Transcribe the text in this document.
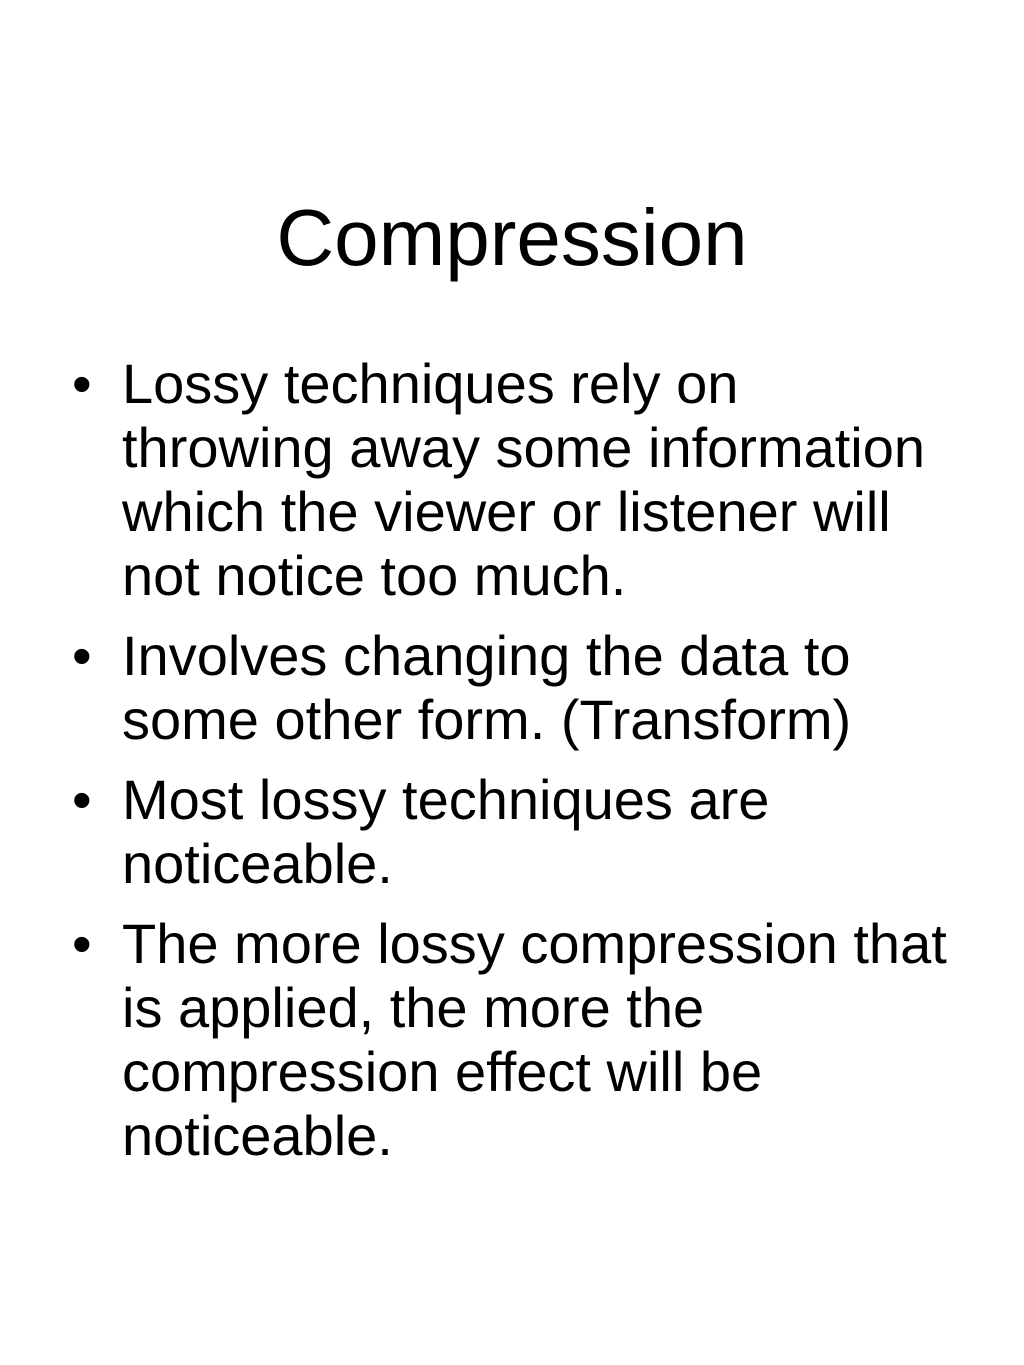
Compression
• Lossy techniques rely on throwing away some information which the viewer or listener will not notice too much.
• Involves changing the data to some other form. (Transform)
• Most lossy techniques are noticeable.
• The more lossy compression that is applied, the more the compression effect will be noticeable.
